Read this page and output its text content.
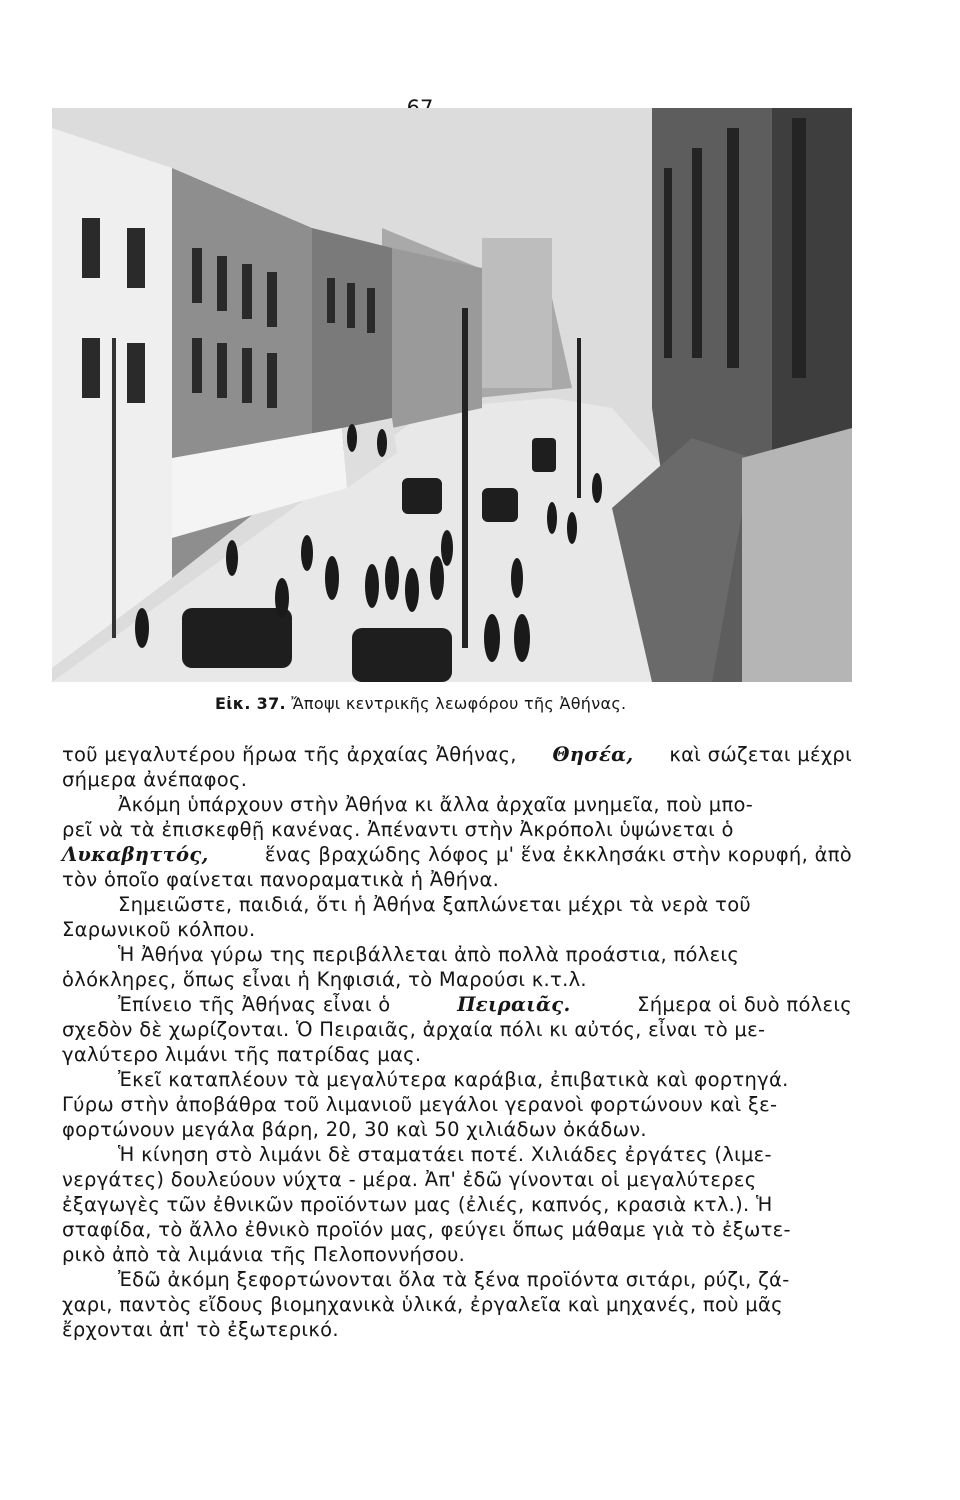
Εἰκ. 37. Ἄποψι κεντρικῆς λεωφόρου τῆς Ἀθήνας.
τοῦ μεγαλυτέρου ἥρωα τῆς ἀρχαίας Ἀθήνας, Θησέα, καὶ σώζεται μέχρι
σήμερα ἀνέπαφος.
Ἀκόμη ὑπάρχουν στὴν Ἀθήνα κι ἄλλα ἀρχαῖα μνημεῖα, ποὺ μπο-
ρεῖ νὰ τὰ ἐπισκεφθῇ κανένας. Ἀπέναντι στὴν Ἀκρόπολι ὑψώνεται ὁ
Λυκαβηττός,	ἕνας βραχώδης λόφος μ' ἕνα ἐκκλησάκι στὴν κορυφή, ἀπὸ
τὸν ὁποῖο φαίνεται πανοραματικὰ ἡ Ἀθήνα.
Σημειῶστε, παιδιά, ὅτι ἡ Ἀθήνα ξαπλώνεται μέχρι τὰ νερὰ τοῦ
Σαρωνικοῦ κόλπου.
Ἡ Ἀθήνα γύρω της περιβάλλεται ἀπὸ πολλὰ προάστια, πόλεις
ὁλόκληρες, ὅπως εἶναι ἡ Κηφισιά, τὸ Μαρούσι κ.τ.λ.
Ἐπίνειο τῆς Ἀθήνας εἶναι ὁ	Πειραιᾶς.	Σήμερα οἱ δυὸ πόλεις
σχεδὸν δὲ χωρίζονται. Ὁ Πειραιᾶς, ἀρχαία πόλι κι αὐτός, εἶναι τὸ με-
γαλύτερο λιμάνι τῆς πατρίδας μας.
Ἐκεῖ καταπλέουν τὰ μεγαλύτερα καράβια, ἐπιβατικὰ καὶ φορτηγά.
Γύρω στὴν ἀποβάθρα τοῦ λιμανιοῦ μεγάλοι γερανοὶ φορτώνουν καὶ ξε-
φορτώνουν μεγάλα βάρη, 20, 30 καὶ 50 χιλιάδων ὀκάδων.
Ἡ κίνηση στὸ λιμάνι δὲ σταματάει ποτέ. Χιλιάδες ἐργάτες (λιμε-
νεργάτες) δουλεύουν νύχτα - μέρα. Ἀπ' ἐδῶ γίνονται οἱ μεγαλύτερες
ἐξαγωγὲς τῶν ἐθνικῶν προϊόντων μας (ἐλιές, καπνός, κρασιὰ κτλ.). Ἡ
σταφίδα, τὸ ἄλλο ἐθνικὸ προϊόν μας, φεύγει ὅπως μάθαμε γιὰ τὸ ἐξωτε-
ρικὸ ἀπὸ τὰ λιμάνια τῆς Πελοποννήσου.
Ἐδῶ ἀκόμη ξεφορτώνονται ὅλα τὰ ξένα προϊόντα σιτάρι, ρύζι, ζά-
χαρι, παντὸς εἴδους βιομηχανικὰ ὑλικά, ἐργαλεῖα καὶ μηχανές, ποὺ μᾶς
ἔρχονται ἀπ' τὸ ἐξωτερικό.
